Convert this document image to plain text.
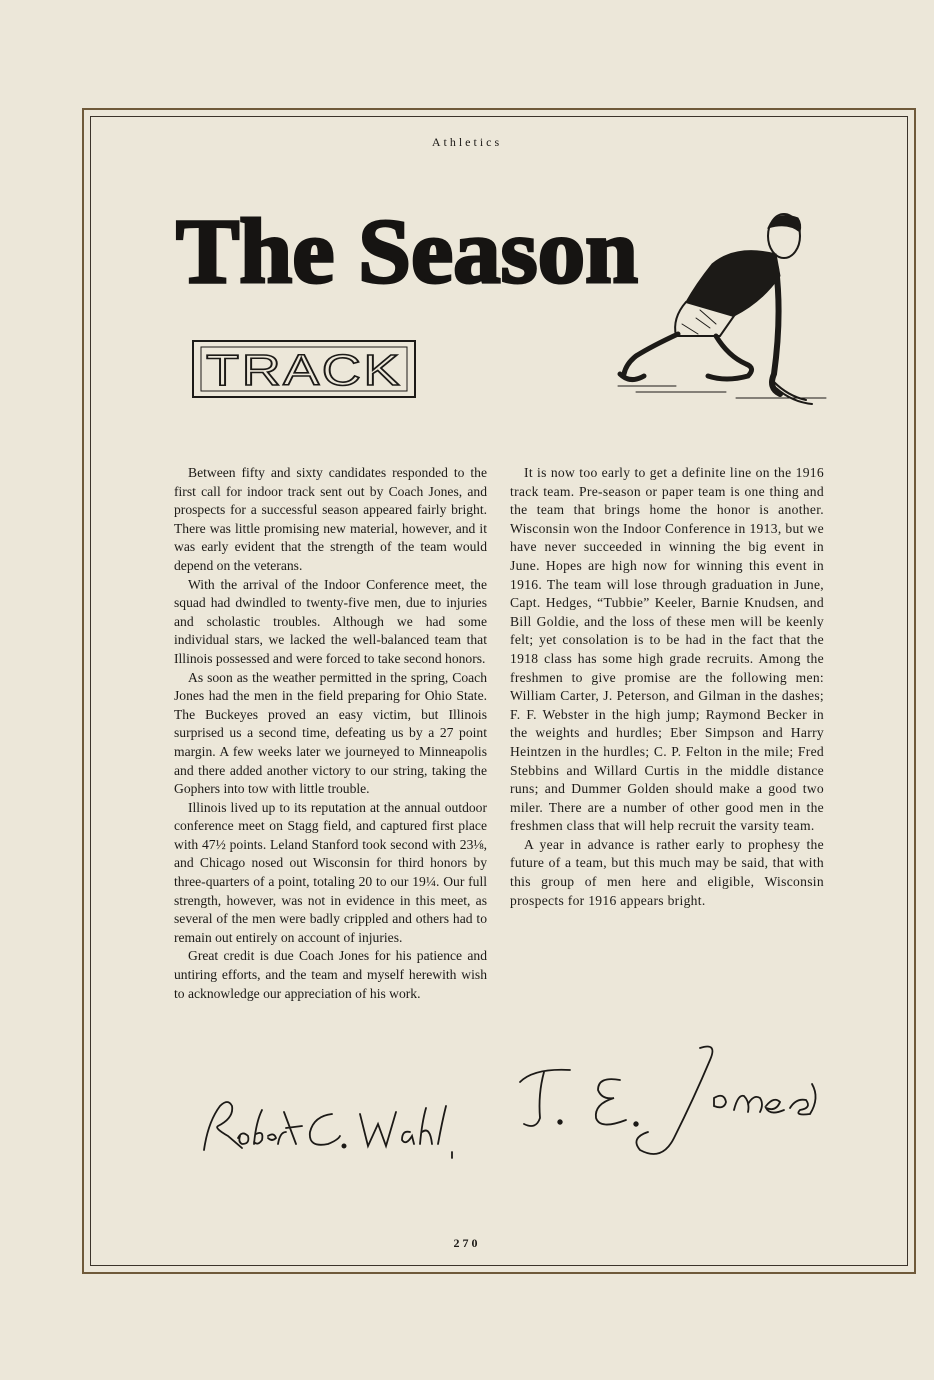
Athletics
The Season
TRACK

Between fifty and sixty candidates responded to the first call for indoor track sent out by Coach Jones, and prospects for a successful season appeared fairly bright. There was little promising new material, however, and it was early evident that the strength of the team would depend on the veterans.

With the arrival of the Indoor Conference meet, the squad had dwindled to twenty-five men, due to injuries and scholastic troubles. Although we had some individual stars, we lacked the well-balanced team that Illinois possessed and were forced to take second honors.

As soon as the weather permitted in the spring, Coach Jones had the men in the field preparing for Ohio State. The Buckeyes proved an easy victim, but Illinois surprised us a second time, defeating us by a 27 point margin. A few weeks later we journeyed to Minneapolis and there added another victory to our string, taking the Gophers into tow with little trouble.

Illinois lived up to its reputation at the annual outdoor conference meet on Stagg field, and captured first place with 47½ points. Leland Stanford took second with 23⅛, and Chicago nosed out Wisconsin for third honors by three-quarters of a point, totaling 20 to our 19¼. Our full strength, however, was not in evidence in this meet, as several of the men were badly crippled and others had to remain out entirely on account of injuries.

Great credit is due Coach Jones for his patience and untiring efforts, and the team and myself herewith wish to acknowledge our appreciation of his work.

It is now too early to get a definite line on the 1916 track team. Pre-season or paper team is one thing and the team that brings home the honor is another. Wisconsin won the Indoor Conference in 1913, but we have never succeeded in winning the big event in June. Hopes are high now for winning this event in 1916. The team will lose through graduation in June, Capt. Hedges, “Tubbie” Keeler, Barnie Knudsen, and Bill Goldie, and the loss of these men will be keenly felt; yet consolation is to be had in the fact that the 1918 class has some high grade recruits. Among the freshmen to give promise are the following men: William Carter, J. Peterson, and Gilman in the dashes; F. F. Webster in the high jump; Raymond Becker in the weights and hurdles; Eber Simpson and Harry Heintzen in the hurdles; C. P. Felton in the mile; Fred Stebbins and Willard Curtis in the middle distance runs; and Dummer Golden should make a good two miler. There are a number of other good men in the freshmen class that will help recruit the varsity team.

A year in advance is rather early to prophesy the future of a team, but this much may be said, that with this group of men here and eligible, Wisconsin prospects for 1916 appears bright.

270
